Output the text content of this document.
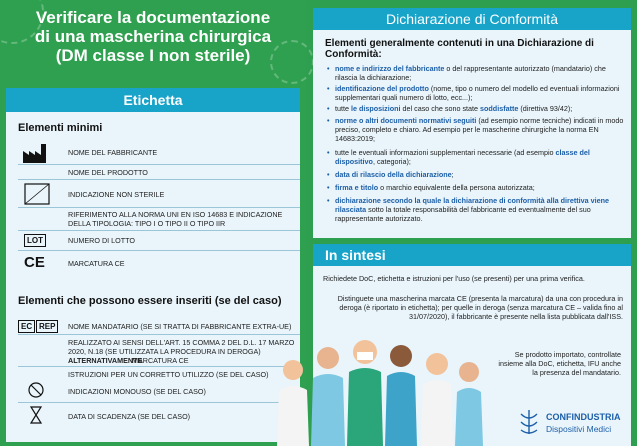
Verificare la documentazione
di una mascherina chirurgica
(DM classe I non sterile)
Etichetta
Elementi minimi
NOME DEL FABBRICANTE
NOME DEL PRODOTTO
INDICAZIONE NON STERILE
RIFERIMENTO ALLA NORMA UNI EN ISO 14683 E INDICAZIONE DELLA TIPOLOGIA: TIPO I O TIPO II O TIPO IIR
LOT	NUMERO DI LOTTO
CE	MARCATURA CE
Elementi che possono essere inseriti (se del caso)
EC REP	NOME MANDATARIO (SE SI TRATTA DI FABBRICANTE EXTRA-UE)
REALIZZATO AI SENSI DELL'ART. 15 COMMA 2 DEL D.L. 17 MARZO 2020, N.18 (SE UTILIZZATA LA PROCEDURA IN DEROGA)
ALTERNATIVAMENTE
MARCATURA CE
ISTRUZIONI PER UN CORRETTO UTILIZZO (SE DEL CASO)
INDICAZIONI MONOUSO (SE DEL CASO)
DATA DI SCADENZA (SE DEL CASO)
Dichiarazione di Conformità
Elementi generalmente contenuti in una Dichiarazione di Conformità:
• nome e indirizzo del fabbricante o del rappresentante autorizzato (mandatario) che rilascia la dichiarazione;
• identificazione del prodotto (nome, tipo o numero del modello ed eventuali informazioni supplementari quali numero di lotto, ecc...);
• tutte le disposizioni del caso che sono state soddisfatte (direttiva 93/42);
• norme o altri documenti normativi seguiti (ad esempio norme tecniche) indicati in modo preciso, completo e chiaro. Ad esempio per le mascherine chirurgiche la norma EN 14683:2019;
• tutte le eventuali informazioni supplementari necessarie (ad esempio classe del dispositivo, categoria);
• data di rilascio della dichiarazione;
• firma e titolo o marchio equivalente della persona autorizzata;
• dichiarazione secondo la quale la dichiarazione di conformità alla direttiva viene rilasciata sotto la totale responsabilità del fabbricante ed eventualmente del suo rappresentante autorizzato.
In sintesi
Richiedete DoC, etichetta e istruzioni per l'uso (se presenti) per una prima verifica.
Distinguete una mascherina marcata CE (presenta la marcatura) da una con procedura in deroga (è riportato in etichetta); per quelle in deroga (senza marcatura CE – valida fino al 31/07/2020), il fabbricante è presente nella lista pubblicata dall'ISS.
Se prodotto importato, controllate insieme alla DoC, etichetta, IFU anche la presenza del mandatario.
CONFINDUSTRIA
Dispositivi Medici
